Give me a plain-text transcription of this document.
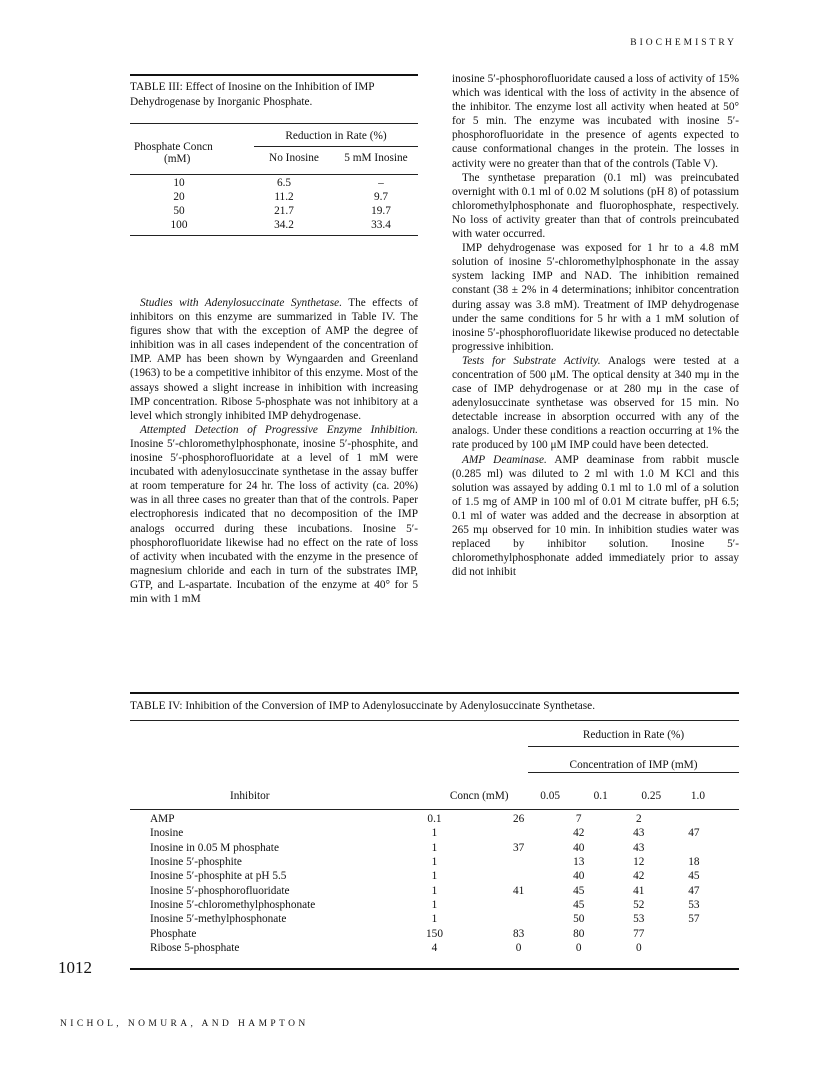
BIOCHEMISTRY
TABLE III: Effect of Inosine on the Inhibition of IMP Dehydrogenase by Inorganic Phosphate.
Phosphate Concn
(mM)	Reduction in Rate (%)	
	No Inosine	5 mM Inosine
10	6.5	–
20	11.2	9.7
50	21.7	19.7
100	34.2	33.4

Studies with Adenylosuccinate Synthetase. The effects of inhibitors on this enzyme are summarized in Table IV. The figures show that with the exception of AMP the degree of inhibition was in all cases independent of the concentration of IMP. AMP has been shown by Wyngaarden and Greenland (1963) to be a competitive inhibitor of this enzyme. Most of the assays showed a slight increase in inhibition with increasing IMP concentration. Ribose 5-phosphate was not inhibitory at a level which strongly inhibited IMP dehydrogenase.

Attempted Detection of Progressive Enzyme Inhibition. Inosine 5′-chloromethylphosphonate, inosine 5′-phosphite, and inosine 5′-phosphorofluoridate at a level of 1 mM were incubated with adenylosuccinate synthetase in the assay buffer at room temperature for 24 hr. The loss of activity (ca. 20%) was in all three cases no greater than that of the controls. Paper electrophoresis indicated that no decomposition of the IMP analogs occurred during these incubations. Inosine 5′-phosphorofluoridate likewise had no effect on the rate of loss of activity when incubated with the enzyme in the presence of magnesium chloride and each in turn of the substrates IMP, GTP, and L-aspartate. Incubation of the enzyme at 40° for 5 min with 1 mM

inosine 5′-phosphorofluoridate caused a loss of activity of 15% which was identical with the loss of activity in the absence of the inhibitor. The enzyme lost all activity when heated at 50° for 5 min. The enzyme was incubated with inosine 5′-phosphorofluoridate in the presence of agents expected to cause conformational changes in the protein. The losses in activity were no greater than that of the controls (Table V).

The synthetase preparation (0.1 ml) was preincubated overnight with 0.1 ml of 0.02 M solutions (pH 8) of potassium chloromethylphosphonate and fluorophosphate, respectively. No loss of activity greater than that of controls preincubated with water occurred.

IMP dehydrogenase was exposed for 1 hr to a 4.8 mM solution of inosine 5′-chloromethylphosphonate in the assay system lacking IMP and NAD. The inhibition remained constant (38 ± 2% in 4 determinations; inhibitor concentration during assay was 3.8 mM). Treatment of IMP dehydrogenase under the same conditions for 5 hr with a 1 mM solution of inosine 5′-phosphorofluoridate likewise produced no detectable progressive inhibition.

Tests for Substrate Activity. Analogs were tested at a concentration of 500 μM. The optical density at 340 mμ in the case of IMP dehydrogenase or at 280 mμ in the case of adenylosuccinate synthetase was observed for 15 min. No detectable increase in absorption occurred with any of the analogs. Under these conditions a reaction occurring at 1% the rate produced by 100 μM IMP could have been detected.

AMP Deaminase. AMP deaminase from rabbit muscle (0.285 ml) was diluted to 2 ml with 1.0 M KCl and this solution was assayed by adding 0.1 ml to 1.0 ml of a solution of 1.5 mg of AMP in 100 ml of 0.01 M citrate buffer, pH 6.5; 0.1 ml of water was added and the decrease in absorption at 265 mμ observed for 10 min. In inhibition studies water was replaced by inhibitor solution. Inosine 5′-chloromethylphosphonate added immediately prior to assay did not inhibit

TABLE IV: Inhibition of the Conversion of IMP to Adenylosuccinate by Adenylosuccinate Synthetase.
	Reduction in Rate (%)
	Concentration of IMP (mM)
Inhibitor	Concn (mM)	0.05	0.1	0.25	1.0
AMP	0.1	26	7	2	
Inosine	1		42	43	47
Inosine in 0.05 M phosphate	1	37	40	43	
Inosine 5′-phosphite	1		13	12	18
Inosine 5′-phosphite at pH 5.5	1		40	42	45
Inosine 5′-phosphorofluoridate	1	41	45	41	47
Inosine 5′-chloromethylphosphonate	1		45	52	53
Inosine 5′-methylphosphonate	1		50	53	57
Phosphate	150	83	80	77	
Ribose 5-phosphate	4	0	0	0	
1012
NICHOL, NOMURA, AND HAMPTON
